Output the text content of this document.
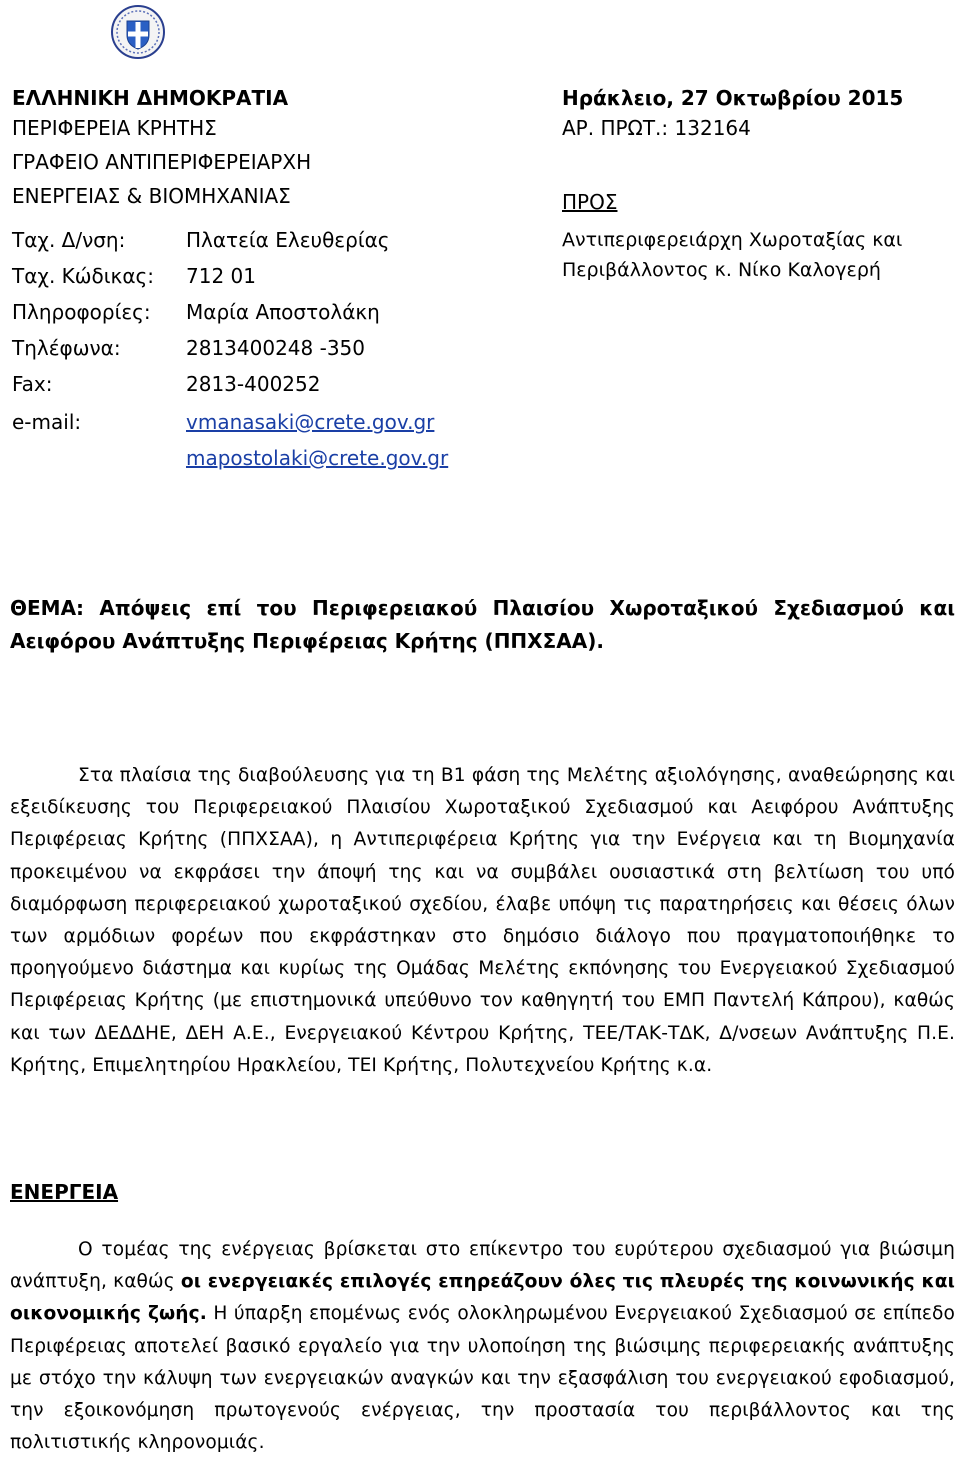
ΕΛΛΗΝΙΚΗ ΔΗΜΟΚΡΑΤΙΑ
ΠΕΡΙΦΕΡΕΙΑ ΚΡΗΤΗΣ
ΓΡΑΦΕΙΟ ΑΝΤΙΠΕΡΙΦΕΡΕΙΑΡΧΗ
ΕΝΕΡΓΕΙΑΣ & ΒΙΟΜΗΧΑΝΙΑΣ
Ταχ. Δ/νση:	Πλατεία Ελευθερίας
Ταχ. Κώδικας: 712 01
Πληροφορίες: Μαρία Αποστολάκη
Τηλέφωνα:	2813400248 -350
Fax:	2813-400252
e-mail:	vmanasaki@crete.gov.gr
mapostolaki@crete.gov.gr
Ηράκλειο, 27 Οκτωβρίου 2015
ΑΡ. ΠΡΩΤ.: 132164
ΠΡΟΣ
Αντιπεριφερειάρχη Χωροταξίας και
Περιβάλλοντος κ. Νίκο Καλογερή
ΘΕΜΑ: Απόψεις επί του Περιφερειακού Πλαισίου Χωροταξικού Σχεδιασμού και Αειφόρου Ανάπτυξης Περιφέρειας Κρήτης (ΠΠΧΣΑΑ).
Στα πλαίσια της διαβούλευσης για τη Β1 φάση της Μελέτης αξιολόγησης, αναθεώρησης και εξειδίκευσης του Περιφερειακού Πλαισίου Χωροταξικού Σχεδιασμού και Αειφόρου Ανάπτυξης Περιφέρειας Κρήτης (ΠΠΧΣΑΑ), η Αντιπεριφέρεια Κρήτης για την Ενέργεια και τη Βιομηχανία προκειμένου να εκφράσει την άποψή της και να συμβάλει ουσιαστικά στη βελτίωση του υπό διαμόρφωση περιφερειακού χωροταξικού σχεδίου, έλαβε υπόψη τις παρατηρήσεις και θέσεις όλων των αρμόδιων φορέων που εκφράστηκαν στο δημόσιο διάλογο που πραγματοποιήθηκε το προηγούμενο διάστημα και κυρίως της Ομάδας Μελέτης εκπόνησης του Ενεργειακού Σχεδιασμού Περιφέρειας Κρήτης (με επιστημονικά υπεύθυνο τον καθηγητή του ΕΜΠ Παντελή Κάπρου), καθώς και των ΔΕΔΔΗΕ, ΔΕΗ Α.Ε., Ενεργειακού Κέντρου Κρήτης, ΤΕΕ/ΤΑΚ-ΤΔΚ, Δ/νσεων Ανάπτυξης Π.Ε. Κρήτης, Επιμελητηρίου Ηρακλείου, ΤΕΙ Κρήτης, Πολυτεχνείου Κρήτης κ.α.
ΕΝΕΡΓΕΙΑ
Ο τομέας της ενέργειας βρίσκεται στο επίκεντρο του ευρύτερου σχεδιασμού για βιώσιμη ανάπτυξη, καθώς οι ενεργειακές επιλογές επηρεάζουν όλες τις πλευρές της κοινωνικής και οικονομικής ζωής. Η ύπαρξη επομένως ενός ολοκληρωμένου Ενεργειακού Σχεδιασμού σε επίπεδο Περιφέρειας αποτελεί βασικό εργαλείο για την υλοποίηση της βιώσιμης περιφερειακής ανάπτυξης με στόχο την κάλυψη των ενεργειακών αναγκών και την εξασφάλιση του ενεργειακού εφοδιασμού, την εξοικονόμηση πρωτογενούς ενέργειας, την προστασία του περιβάλλοντος και της πολιτιστικής κληρονομιάς.
